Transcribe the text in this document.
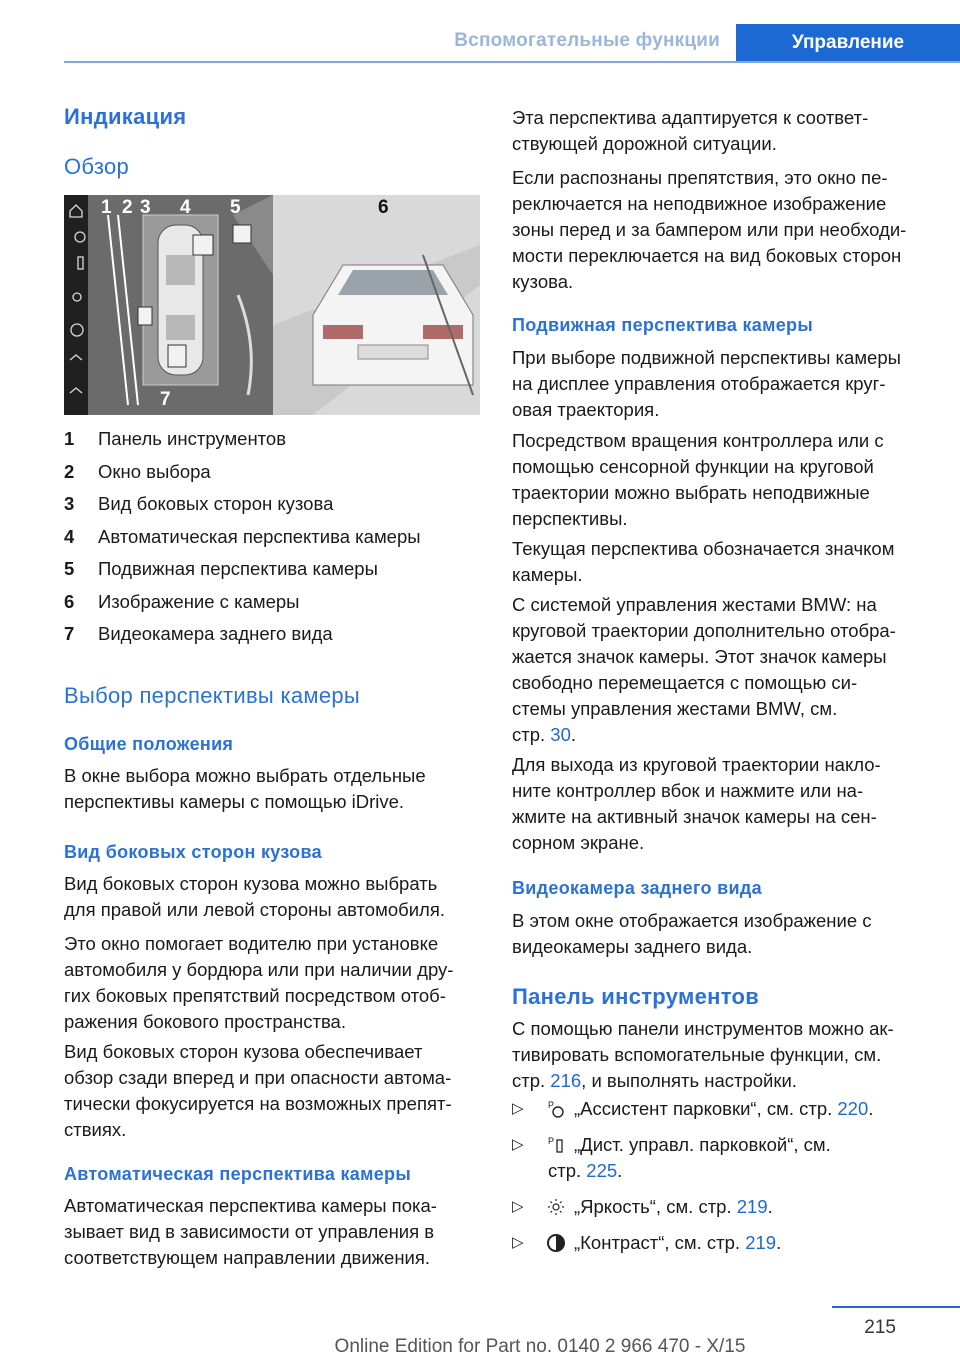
Вспомогательные функции	Управление
Индикация
Обзор
1 2 3 4 5	6
7
1	Панель инструментов
2	Окно выбора
3	Вид боковых сторон кузова
4	Автоматическая перспектива камеры
5	Подвижная перспектива камеры
6	Изображение с камеры
7	Видеокамера заднего вида
Выбор перспективы камеры
Общие положения
В окне выбора можно выбрать отдельные
перспективы камеры с помощью iDrive.
Вид боковых сторон кузова
Вид боковых сторон кузова можно выбрать
для правой или левой стороны автомобиля.
Это окно помогает водителю при установке
автомобиля у бордюра или при наличии дру‐
гих боковых препятствий посредством отоб‐
ражения бокового пространства.
Вид боковых сторон кузова обеспечивает
обзор сзади вперед и при опасности автома‐
тически фокусируется на возможных препят‐
ствиях.
Автоматическая перспектива камеры
Автоматическая перспектива камеры пока‐
зывает вид в зависимости от управления в
соответствующем направлении движения.
Эта перспектива адаптируется к соответ‐
ствующей дорожной ситуации.
Если распознаны препятствия, это окно пе‐
реключается на неподвижное изображение
зоны перед и за бампером или при необходи‐
мости переключается на вид боковых сторон
кузова.
Подвижная перспектива камеры
При выборе подвижной перспективы камеры
на дисплее управления отображается круг‐
овая траектория.
Посредством вращения контроллера или с
помощью сенсорной функции на круговой
траектории можно выбрать неподвижные
перспективы.
Текущая перспектива обозначается значком
камеры.
С системой управления жестами BMW: на
круговой траектории дополнительно отобра‐
жается значок камеры. Этот значок камеры
свободно перемещается с помощью си‐
стемы управления жестами BMW, см.
стр. 30.
Для выхода из круговой траектории накло‐
ните контроллер вбок и нажмите или на‐
жмите на активный значок камеры на сен‐
сорном экране.
Видеокамера заднего вида
В этом окне отображается изображение с
видеокамеры заднего вида.
Панель инструментов
С помощью панели инструментов можно ак‐
тивировать вспомогательные функции, см.
стр. 216, и выполнять настройки.
▷	P „Ассистент парковки“, см. стр. 220.
▷	P „Дист. управл. парковкой“, см.
стр. 225.
▷	„Яркость“, см. стр. 219.
▷	„Контраст“, см. стр. 219.
215
Online Edition for Part no. 0140 2 966 470 - X/15
